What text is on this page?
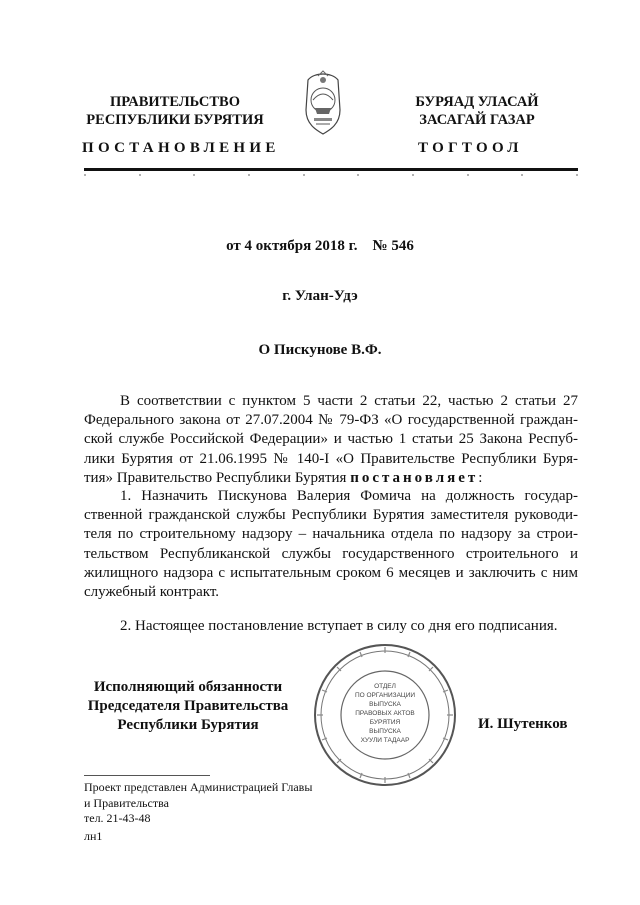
ПРАВИТЕЛЬСТВО
РЕСПУБЛИКИ БУРЯТИЯ
БУРЯАД УЛАСАЙ
ЗАСАГАЙ ГАЗАР
ПОСТАНОВЛЕНИЕ	ТОГТООЛ
от 4 октября 2018 г.    № 546
г. Улан-Удэ
О Пискунове В.Ф.
В соответствии с пунктом 5 части 2 статьи 22, частью 2 статьи 27
Федерального закона от 27.07.2004 № 79-ФЗ «О государственной граждан-
ской службе Российской Федерации» и частью 1 статьи 25 Закона Респуб-
лики Бурятия от 21.06.1995 № 140-I «О Правительстве Республики Буря-
тия» Правительство Республики Бурятия постановляет:
1. Назначить Пискунова Валерия Фомича на должность государ-
ственной гражданской службы Республики Бурятия заместителя руководи-
теля по строительному надзору – начальника отдела по надзору за строи-
тельством Республиканской службы государственного строительного и
жилищного надзора с испытательным сроком 6 месяцев и заключить с ним
служебный контракт.
2. Настоящее постановление вступает в силу со дня его подписания.
ОТДЕЛ
ПО ОРГАНИЗАЦИИ
ВЫПУСКА
ПРАВОВЫХ АКТОВ
БУРЯТИЯ
ВЫПУСКА
ХУУЛИ ТАДААР
Исполняющий обязанности
Председателя Правительства
Республики Бурятия	И. Шутенков
Проект представлен Администрацией Главы
и Правительства
тел. 21-43-48
лн1
